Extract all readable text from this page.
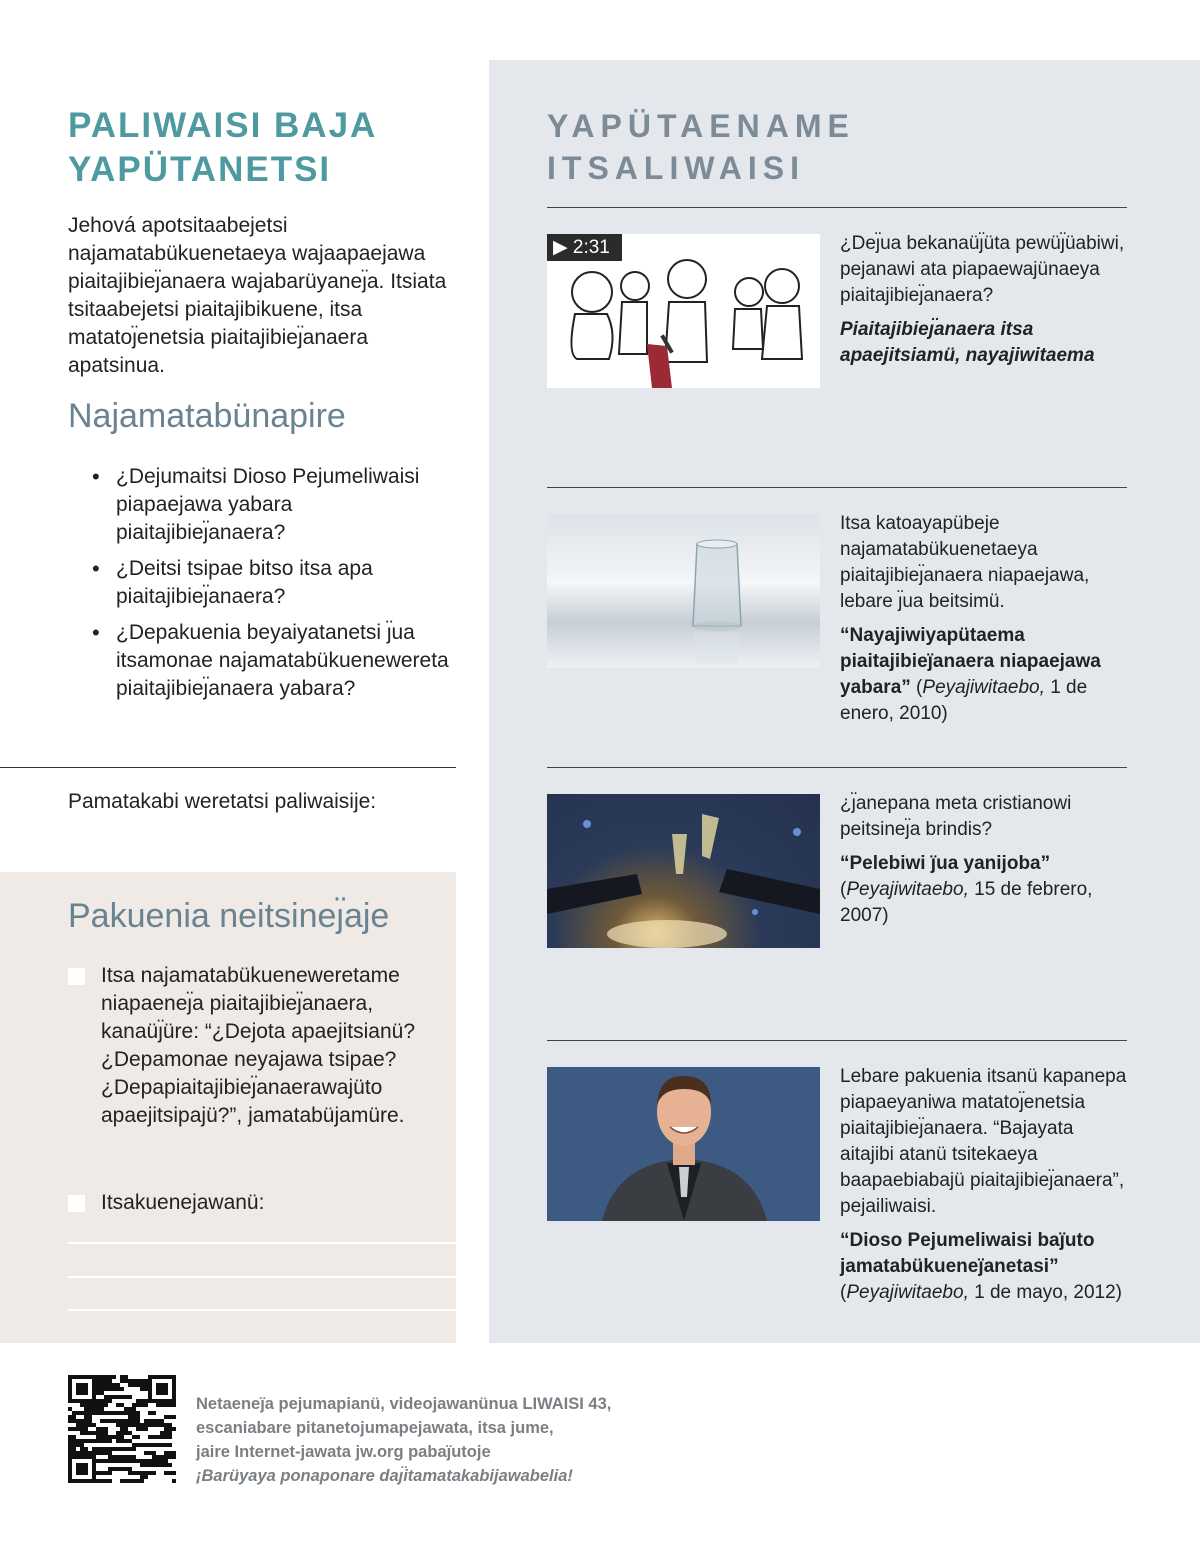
PALIWAISI BAJA
YAPÜTANETSI

Jehová apotsitaabejetsi najamatabükuenetaeya wajaapaejawa piaitajibieȷ̈anaera wajabarüyaneȷ̈a. Itsiata tsitaabejetsi piaitajibikuene, itsa matatoȷ̈enetsia piaitajibieȷ̈anaera apatsinua.

Najamatabünapire
• ¿Dejumaitsi Dioso Pejumeliwaisi piapaejawa yabara piaitajibieȷ̈anaera?
• ¿Deitsi tsipae bitso itsa apa piaitajibieȷ̈anaera?
• ¿Depakuenia beyaiyatanetsi ȷ̈ua itsamonae najamatabükuenewereta piaitajibieȷ̈anaera yabara?
Pamatakabi weretatsi paliwaisije:
Pakuenia neitsineȷ̈aje
Itsa najamatabükueneweretame niapaeneȷ̈a piaitajibieȷ̈anaera, kanaüȷ̈üre: “¿Dejota apaejitsianü? ¿Depamonae neyajawa tsipae? ¿Depapiaitajibieȷ̈anaerawajüto apaejitsipajü?”, jamatabüjamüre.
Itsakuenejawanü:
YAPÜTAENAME
ITSALIWAISI
▶ 2:31	¿Deȷ̈ua bekanaüȷ̈üta pewüȷ̈üabiwi, pejanawi ata piapaewajünaeya piaitajibieȷ̈anaera?

Piaitajibieȷ̈anaera itsa apaejitsiamü, nayajiwitaema

Itsa katoayapübeje najamatabükuenetaeya piaitajibieȷ̈anaera niapaejawa, lebare ȷ̈ua beitsimü.

“Nayajiwiyapütaema piaitajibieȷ̈anaera niapaejawa yabara” (Peyajiwitaebo, 1 de enero, 2010)

¿ȷ̈anepana meta cristianowi peitsineȷ̈a brindis?

“Pelebiwi ȷ̈ua yanijoba” (Peyajiwitaebo, 15 de febrero, 2007)

Lebare pakuenia itsanü kapanepa piapaeyaniwa matatoȷ̈enetsia piaitajibieȷ̈anaera. “Bajayata aitajibi atanü tsitekaeya baapaebiabajü piaitajibieȷ̈anaera”, pejailiwaisi.

“Dioso Pejumeliwaisi baȷ̈uto jamatabükueneȷ̈anetasi” (Peyajiwitaebo, 1 de mayo, 2012)

Netaeneȷ̈a pejumapianü, videojawanünua LIWAISI 43,
escaniabare pitanetojumapejawata, itsa jume,
jaire Internet-jawata jw.org pabaȷ̈utoje
¡Barüyaya ponaponare daȷ̈itamatakabijawabelia!
